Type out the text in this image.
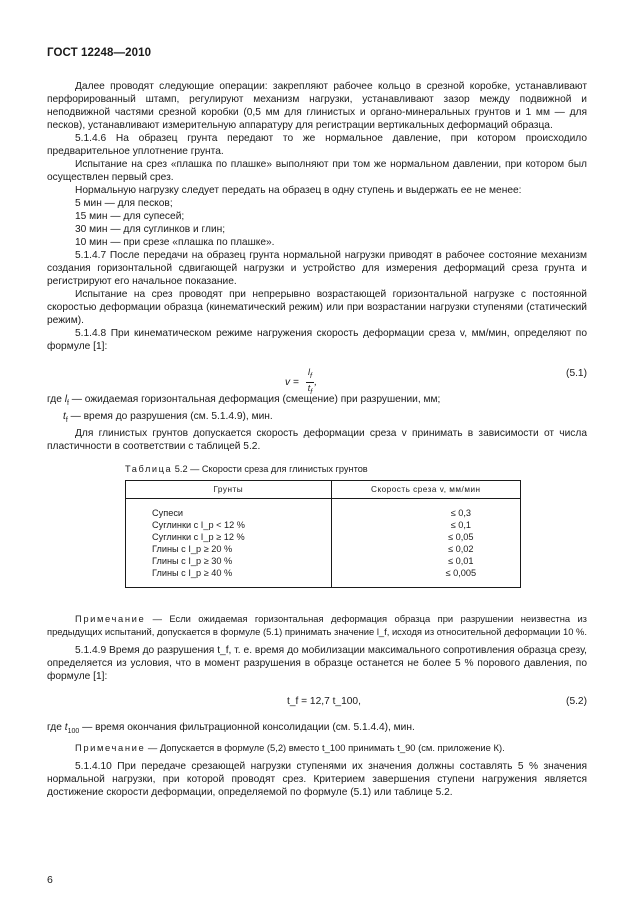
ГОСТ 12248—2010

Далее проводят следующие операции: закрепляют рабочее кольцо в срезной коробке, устанавливают перфорированный штамп, регулируют механизм нагрузки, устанавливают зазор между подвижной и неподвижной частями срезной коробки (0,5 мм для глинистых и органо-минеральных грунтов и 1 мм — для песков), устанавливают измерительную аппаратуру для регистрации вертикальных деформаций образца.

5.1.4.6 На образец грунта передают то же нормальное давление, при котором происходило предварительное уплотнение грунта.

Испытание на срез «плашка по плашке» выполняют при том же нормальном давлении, при котором был осуществлен первый срез.

Нормальную нагрузку следует передать на образец в одну ступень и выдержать ее не менее:

5 мин — для песков;

15 мин — для супесей;

30 мин — для суглинков и глин;

10 мин — при срезе «плашка по плашке».

5.1.4.7 После передачи на образец грунта нормальной нагрузки приводят в рабочее состояние механизм создания горизонтальной сдвигающей нагрузки и устройство для измерения деформаций среза грунта и регистрируют его начальное показание.

Испытание на срез проводят при непрерывно возрастающей горизонтальной нагрузке с постоянной скоростью деформации образца (кинематический режим) или при возрастании нагрузки ступенями (статический режим).

5.1.4.8 При кинематическом режиме нагружения скорость деформации среза v, мм/мин, определяют по формуле [1]:

$v = \frac{l_f}{t_f}$ ,
(5.1)

где $l_f$ — ожидаемая горизонтальная деформация (смещение) при разрушении, мм;

$t_f$ — время до разрушения (см. 5.1.4.9), мин.

Для глинистых грунтов допускается скорость деформации среза v принимать в зависимости от числа пластичности в соответствии с таблицей 5.2.

Таблица 5.2 — Скорости среза для глинистых грунтов
Грунты	Скорость среза v, мм/мин
Супеси	≤ 0,3
Суглинки с I_p < 12 %	≤ 0,1
Суглинки с I_p ≥ 12 %	≤ 0,05
Глины с I_p ≥ 20 %	≤ 0,02
Глины с I_p ≥ 30 %	≤ 0,01
Глины с I_p ≥ 40 %	≤ 0,005

Примечание — Если ожидаемая горизонтальная деформация образца при разрушении неизвестна из предыдущих испытаний, допускается в формуле (5.1) принимать значение l_f, исходя из относительной деформации 10 %.

5.1.4.9 Время до разрушения t_f, т. е. время до мобилизации максимального сопротивления образца срезу, определяется из условия, что в момент разрушения в образце останется не более 5 % порового давления, по формуле [1]:

t_f = 12,7 t_100,	(5.2)

где $t_{100}$ — время окончания фильтрационной консолидации (см. 5.1.4.4), мин.

Примечание — Допускается в формуле (5,2) вместо t_100 принимать t_90 (см. приложение К).

5.1.4.10 При передаче срезающей нагрузки ступенями их значения должны составлять 5 % значения нормальной нагрузки, при которой проводят срез. Критерием завершения ступени нагружения является достижение скорости деформации, определяемой по формуле (5.1) или таблице 5.2.

6
